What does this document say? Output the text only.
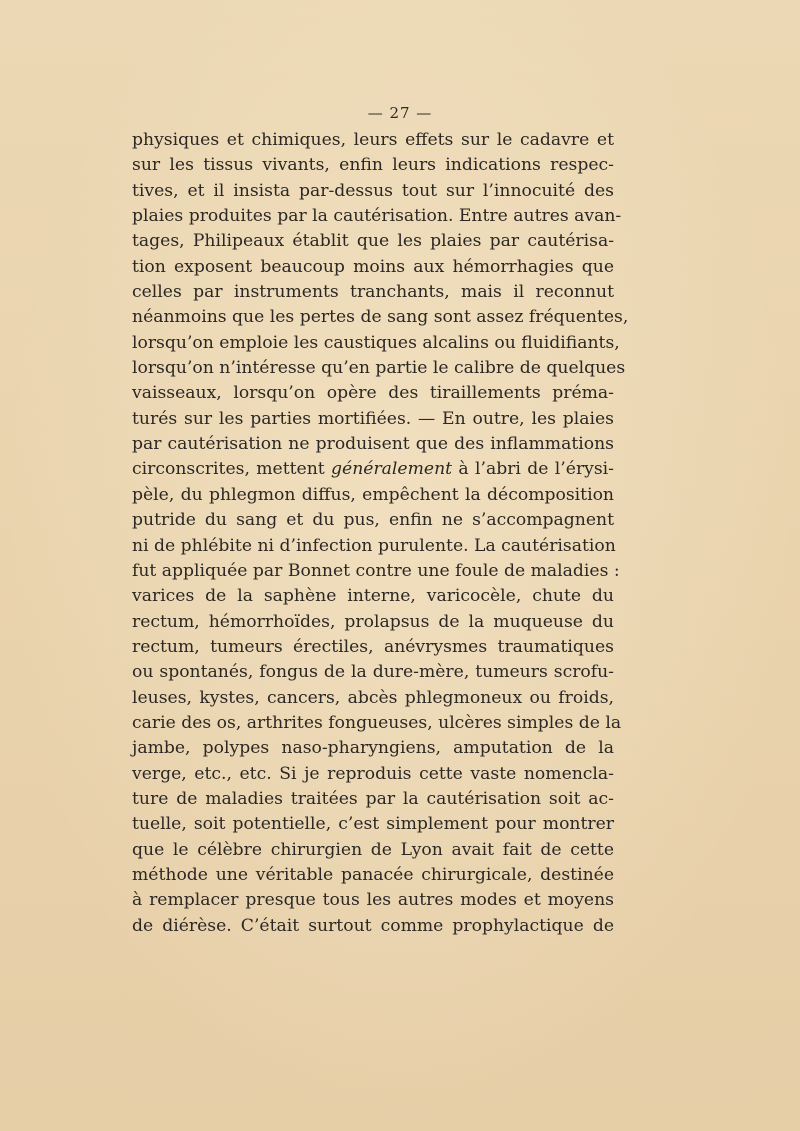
— 27 —
physiques et chimiques, leurs effets sur le cadavre et
sur les tissus vivants, enfin leurs indications respec-
tives, et il insista par-dessus tout sur l’innocuité des
plaies produites par la cautérisation. Entre autres avan-
tages, Philipeaux établit que les plaies par cautérisa-
tion exposent beaucoup moins aux hémorrhagies que
celles par instruments tranchants, mais il reconnut
néanmoins que les pertes de sang sont assez fréquentes,
lorsqu’on emploie les caustiques alcalins ou fluidifiants,
lorsqu’on n’intéresse qu’en partie le calibre de quelques
vaisseaux, lorsqu’on opère des tiraillements préma-
turés sur les parties mortifiées. — En outre, les plaies
par cautérisation ne produisent que des inflammations
circonscrites, mettent généralement à l’abri de l’érysi-
pèle, du phlegmon diffus, empêchent la décomposition
putride du sang et du pus, enfin ne s’accompagnent
ni de phlébite ni d’infection purulente. La cautérisation
fut appliquée par Bonnet contre une foule de maladies :
varices de la saphène interne, varicocèle, chute du
rectum, hémorrhoïdes, prolapsus de la muqueuse du
rectum, tumeurs érectiles, anévrysmes traumatiques
ou spontanés, fongus de la dure-mère, tumeurs scrofu-
leuses, kystes, cancers, abcès phlegmoneux ou froids,
carie des os, arthrites fongueuses, ulcères simples de la
jambe, polypes naso-pharyngiens, amputation de la
verge, etc., etc. Si je reproduis cette vaste nomencla-
ture de maladies traitées par la cautérisation soit ac-
tuelle, soit potentielle, c’est simplement pour montrer
que le célèbre chirurgien de Lyon avait fait de cette
méthode une véritable panacée chirurgicale, destinée
à remplacer presque tous les autres modes et moyens
de diérèse. C’était surtout comme prophylactique de
